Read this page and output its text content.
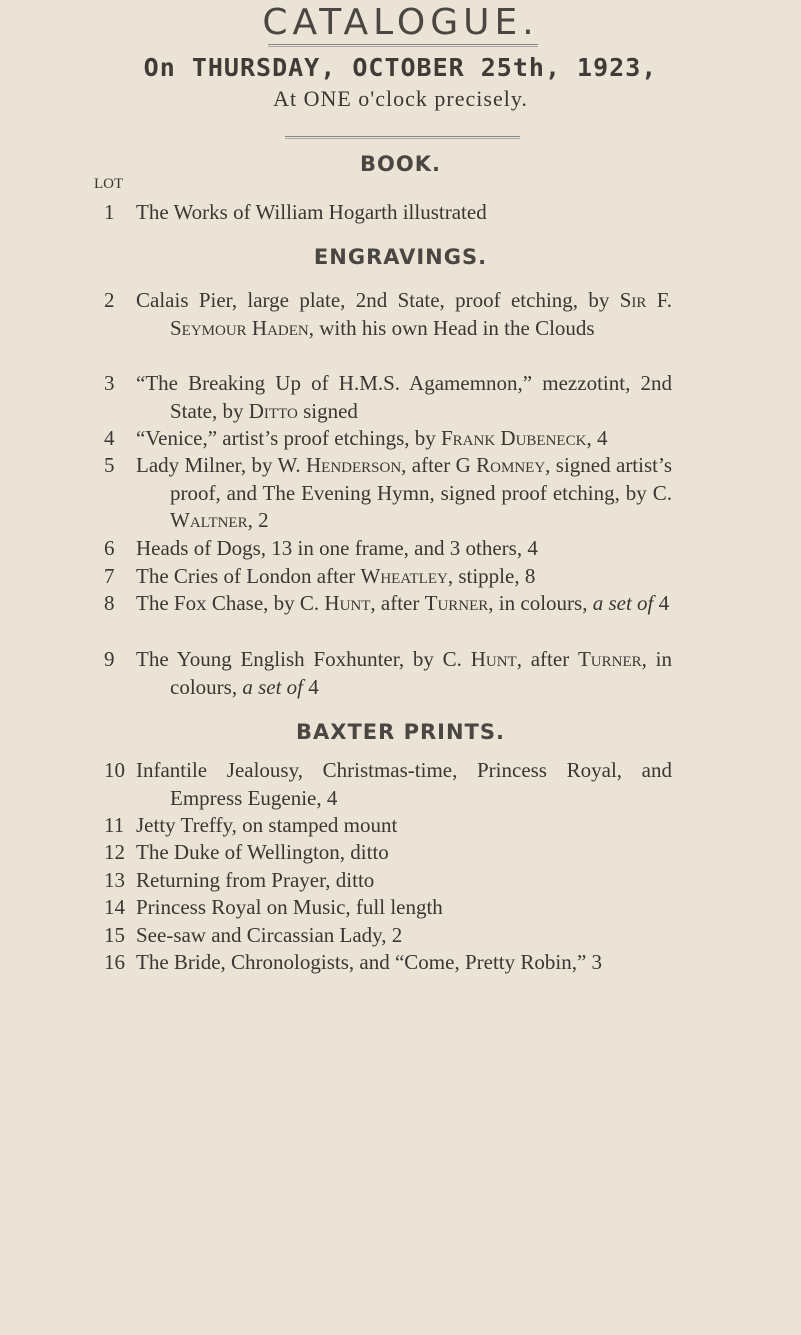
CATALOGUE.
On THURSDAY, OCTOBER 25th, 1923,
At ONE o'clock precisely.
LOT
BOOK.
1	The Works of William Hogarth illustrated
ENGRAVINGS.
2	Calais Pier, large plate, 2nd State, proof etching, by Sir F. Seymour Haden, with his own Head in the Clouds
3	“The Breaking Up of H.M.S. Agamemnon,” mezzotint, 2nd State, by Ditto signed
4	“Venice,” artist’s proof etchings, by Frank Dubeneck, 4
5	Lady Milner, by W. Henderson, after G Romney, signed artist’s proof, and The Evening Hymn, signed proof etching, by C. Waltner, 2
6	Heads of Dogs, 13 in one frame, and 3 others, 4
7	The Cries of London after Wheatley, stipple, 8
8	The Fox Chase, by C. Hunt, after Turner, in colours, a set of 4
9	The Young English Foxhunter, by C. Hunt, after Turner, in colours, a set of 4
BAXTER PRINTS.
10 Infantile Jealousy, Christmas-time, Princess Royal, and Empress Eugenie, 4
11 Jetty Treffy, on stamped mount
12 The Duke of Wellington, ditto
13 Returning from Prayer, ditto
14 Princess Royal on Music, full length
15 See-saw and Circassian Lady, 2
16 The Bride, Chronologists, and “Come, Pretty Robin,” 3
